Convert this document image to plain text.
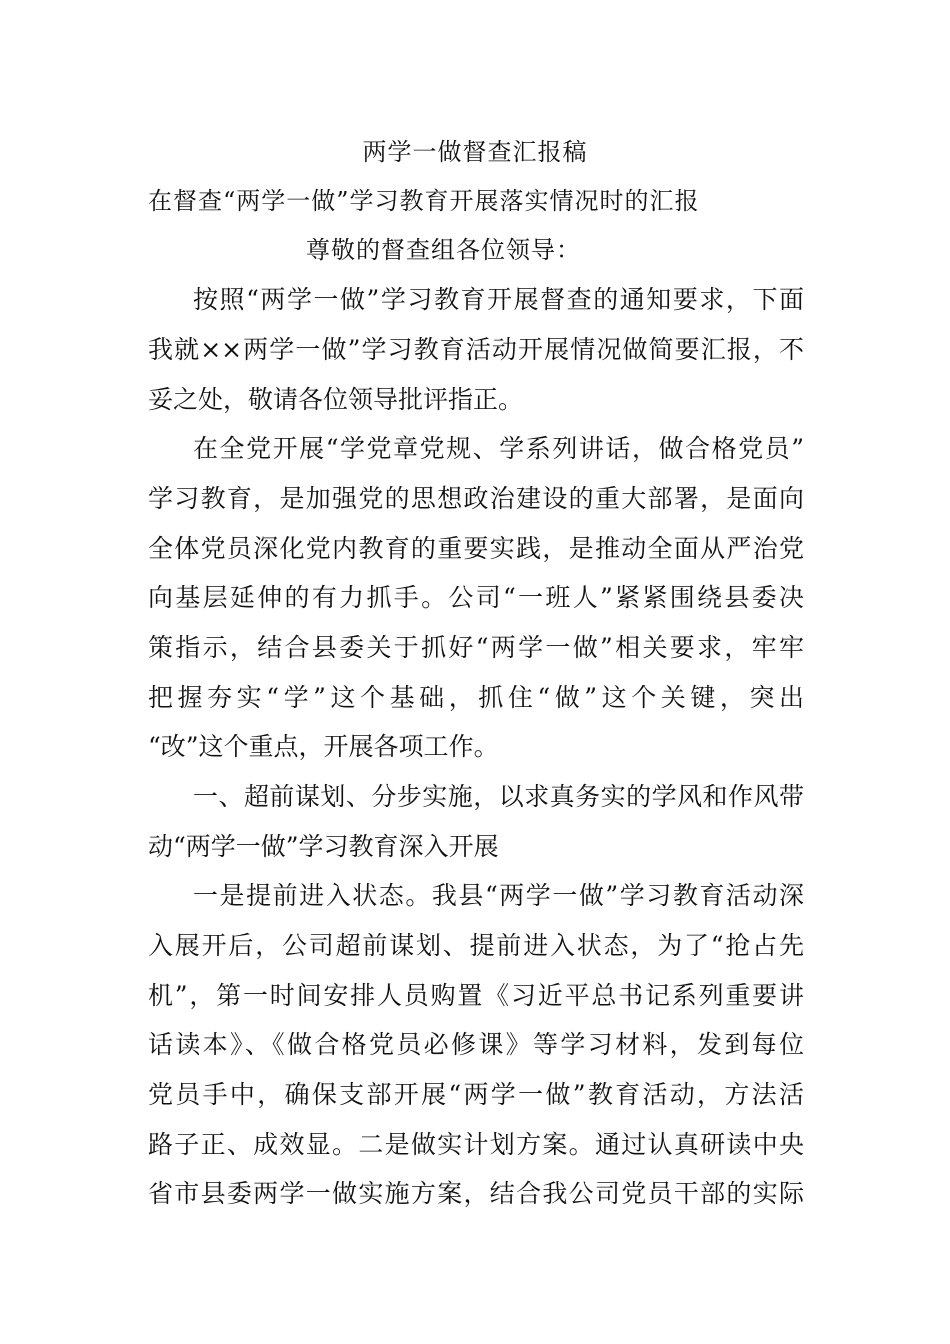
两学一做督查汇报稿
在督查“两学一做”学习教育开展落实情况时的汇报
尊敬的督查组各位领导：
按照“两学一做”学习教育开展督查的通知要求，下面
我就××两学一做”学习教育活动开展情况做简要汇报，不
妥之处，敬请各位领导批评指正。
在全党开展“学党章党规、学系列讲话，做合格党员”
学习教育，是加强党的思想政治建设的重大部署，是面向
全体党员深化党内教育的重要实践，是推动全面从严治党
向基层延伸的有力抓手。公司“一班人”紧紧围绕县委决
策指示，结合县委关于抓好“两学一做”相关要求，牢牢
把握夯实“学”这个基础，抓住“做”这个关键，突出
“改”这个重点，开展各项工作。
一、超前谋划、分步实施，以求真务实的学风和作风带
动“两学一做”学习教育深入开展
一是提前进入状态。我县“两学一做”学习教育活动深
入展开后，公司超前谋划、提前进入状态，为了“抢占先
机”，第一时间安排人员购置《习近平总书记系列重要讲
话读本》、《做合格党员必修课》等学习材料，发到每位
党员手中，确保支部开展“两学一做”教育活动，方法活
路子正、成效显。二是做实计划方案。通过认真研读中央
省市县委两学一做实施方案，结合我公司党员干部的实际
